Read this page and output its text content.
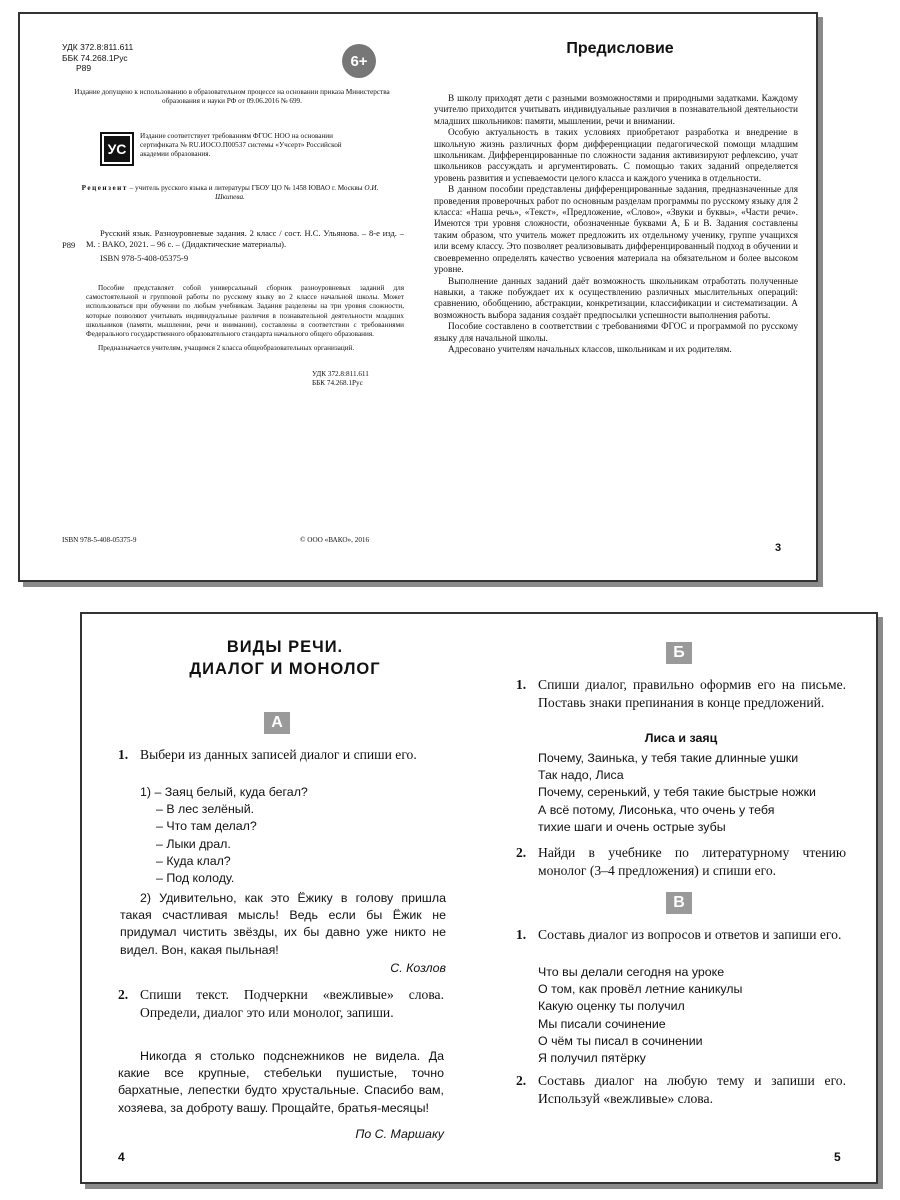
УДК 372.8:811.611
ББК 74.268.1Рус
Р89	6+
Издание допущено к использованию в образовательном процессе на основании приказа Министерства образования и науки РФ от 09.06.2016 № 699.
УС
Издание соответствует требованиям ФГОС НОО на основании сертификата № RU.ИОСО.П00537 системы «Учсерт» Российской академии образования.
Рецензент – учитель русского языка и литературы ГБОУ ЦО № 1458 ЮВАО г. Москвы О.И. Шкипева.
Р89
Русский язык. Разноуровневые задания. 2 класс / сост. Н.С. Ульянова. – 8-е изд. – М. : ВАКО, 2021. – 96 с. – (Дидактические материалы).
ISBN 978-5-408-05375-9
Пособие представляет собой универсальный сборник разноуровневых заданий для самостоятельной и групповой работы по русскому языку во 2 классе начальной школы. Может использоваться при обучении по любым учебникам. Задания разделены на три уровня сложности, которые позволяют учитывать индивидуальные различия в познавательной деятельности младших школьников (памяти, мышлении, речи и внимании), составлены в соответствии с требованиями Федерального государственного образовательного стандарта начального общего образования.
Предназначается учителям, учащимся 2 класса общеобразовательных организаций.
УДК 372.8:811.611
ББК 74.268.1Рус
ISBN 978-5-408-05375-9	© ООО «ВАКО», 2016
Предисловие

В школу приходят дети с разными возможностями и природными задатками. Каждому учителю приходится учитывать индивидуальные различия в познавательной деятельности младших школьников: памяти, мышлении, речи и внимании.

Особую актуальность в таких условиях приобретают разработка и внедрение в школьную жизнь различных форм дифференциации педагогической помощи младшим школьникам. Дифференцированные по сложности задания активизируют рефлексию, учат школьников рассуждать и аргументировать. С помощью таких заданий определяется уровень развития и успеваемости целого класса и каждого ученика в отдельности.

В данном пособии представлены дифференцированные задания, предназначенные для проведения проверочных работ по основным разделам программы по русскому языку для 2 класса: «Наша речь», «Текст», «Предложение, «Слово», «Звуки и буквы», «Части речи». Имеются три уровня сложности, обозначенные буквами А, Б и В. Задания составлены таким образом, что учитель может предложить их отдельному ученику, группе учащихся или всему классу. Это позволяет реализовывать дифференцированный подход в обучении и своевременно определять качество усвоения материала на обязательном и более высоком уровне.

Выполнение данных заданий даёт возможность школьникам отработать полученные навыки, а также побуждает их к осуществлению различных мыслительных операций: сравнению, обобщению, абстракции, конкретизации, классификации и систематизации. А возможность выбора задания создаёт предпосылки успешности выполнения работы.

Пособие составлено в соответствии с требованиями ФГОС и программой по русскому языку для начальной школы.

Адресовано учителям начальных классов, школьникам и их родителям.

3
ВИДЫ РЕЧИ.
ДИАЛОГ И МОНОЛОГ
А
1. Выбери из данных записей диалог и спиши его.
1) – Заяц белый, куда бегал?
– В лес зелёный.
– Что там делал?
– Лыки драл.
– Куда клал?
– Под колоду.
2) Удивительно, как это Ёжику в голову пришла такая счастливая мысль! Ведь если бы Ёжик не придумал чистить звёзды, их бы давно уже никто не видел. Вон, какая пыльная!
С. Козлов
2. Спиши текст. Подчеркни «вежливые» слова. Определи, диалог это или монолог, запиши.
Никогда я столько подснежников не видела. Да какие все крупные, стебельки пушистые, точно бархатные, лепестки будто хрустальные. Спасибо вам, хозяева, за доброту вашу. Прощайте, братья-месяцы!
По С. Маршаку
4
Б
1. Спиши диалог, правильно оформив его на письме. Поставь знаки препинания в конце предложений.
Лиса и заяц
Почему, Заинька, у тебя такие длинные ушки
Так надо, Лиса
Почему, серенький, у тебя такие быстрые ножки
А всё потому, Лисонька, что очень у тебя
тихие шаги и очень острые зубы
2. Найди в учебнике по литературному чтению монолог (3–4 предложения) и спиши его.
В
1. Составь диалог из вопросов и ответов и запиши его.
Что вы делали сегодня на уроке
О том, как провёл летние каникулы
Какую оценку ты получил
Мы писали сочинение
О чём ты писал в сочинении
Я получил пятёрку
2. Составь диалог на любую тему и запиши его. Используй «вежливые» слова.
5
